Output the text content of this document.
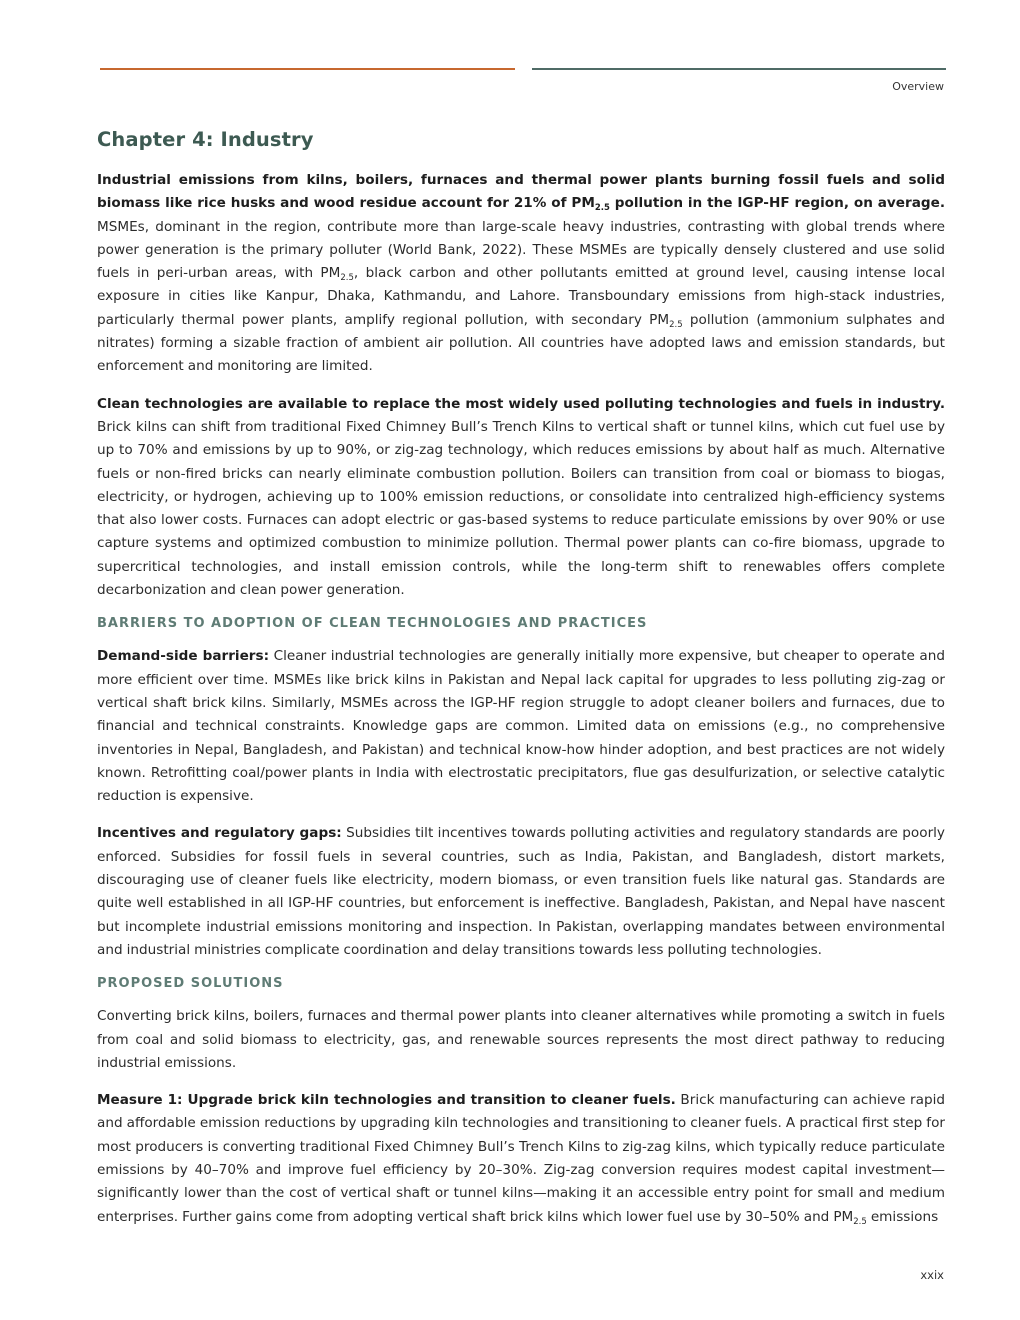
Overview
Chapter 4: Industry

Industrial emissions from kilns, boilers, furnaces and thermal power plants burning fossil fuels and solid biomass like rice husks and wood residue account for 21% of $PM_{2.5}$ pollution in the IGP-HF region, on average. MSMEs, dominant in the region, contribute more than large-scale heavy industries, contrasting with global trends where power generation is the primary polluter (World Bank, 2022). These MSMEs are typically densely clustered and use solid fuels in peri-urban areas, with $PM_{2.5}$, black carbon and other pollutants emitted at ground level, causing intense local exposure in cities like Kanpur, Dhaka, Kathmandu, and Lahore. Transboundary emissions from high-stack industries, particularly thermal power plants, amplify regional pollution, with secondary $PM_{2.5}$ pollution (ammonium sulphates and nitrates) forming a sizable fraction of ambient air pollution. All countries have adopted laws and emission standards, but enforcement and monitoring are limited.

Clean technologies are available to replace the most widely used polluting technologies and fuels in industry. Brick kilns can shift from traditional Fixed Chimney Bull’s Trench Kilns to vertical shaft or tunnel kilns, which cut fuel use by up to 70% and emissions by up to 90%, or zig-zag technology, which reduces emissions by about half as much. Alternative fuels or non-fired bricks can nearly eliminate combustion pollution. Boilers can transition from coal or biomass to biogas, electricity, or hydrogen, achieving up to 100% emission reductions, or consolidate into centralized high-efficiency systems that also lower costs. Furnaces can adopt electric or gas-based systems to reduce particulate emissions by over 90% or use capture systems and optimized combustion to minimize pollution. Thermal power plants can co-fire biomass, upgrade to supercritical technologies, and install emission controls, while the long-term shift to renewables offers complete decarbonization and clean power generation.

BARRIERS TO ADOPTION OF CLEAN TECHNOLOGIES AND PRACTICES

Demand-side barriers: Cleaner industrial technologies are generally initially more expensive, but cheaper to operate and more efficient over time. MSMEs like brick kilns in Pakistan and Nepal lack capital for upgrades to less polluting zig-zag or vertical shaft brick kilns. Similarly, MSMEs across the IGP-HF region struggle to adopt cleaner boilers and furnaces, due to financial and technical constraints. Knowledge gaps are common. Limited data on emissions (e.g., no comprehensive inventories in Nepal, Bangladesh, and Pakistan) and technical know-how hinder adoption, and best practices are not widely known. Retrofitting coal/power plants in India with electrostatic precipitators, flue gas desulfurization, or selective catalytic reduction is expensive.

Incentives and regulatory gaps: Subsidies tilt incentives towards polluting activities and regulatory standards are poorly enforced. Subsidies for fossil fuels in several countries, such as India, Pakistan, and Bangladesh, distort markets, discouraging use of cleaner fuels like electricity, modern biomass, or even transition fuels like natural gas. Standards are quite well established in all IGP-HF countries, but enforcement is ineffective. Bangladesh, Pakistan, and Nepal have nascent but incomplete industrial emissions monitoring and inspection. In Pakistan, overlapping mandates between environmental and industrial ministries complicate coordination and delay transitions towards less polluting technologies.

PROPOSED SOLUTIONS

Converting brick kilns, boilers, furnaces and thermal power plants into cleaner alternatives while promoting a switch in fuels from coal and solid biomass to electricity, gas, and renewable sources represents the most direct pathway to reducing industrial emissions.

Measure 1: Upgrade brick kiln technologies and transition to cleaner fuels. Brick manufacturing can achieve rapid and affordable emission reductions by upgrading kiln technologies and transitioning to cleaner fuels. A practical first step for most producers is converting traditional Fixed Chimney Bull’s Trench Kilns to zig-zag kilns, which typically reduce particulate emissions by 40–70% and improve fuel efficiency by 20–30%. Zig-zag conversion requires modest capital investment—significantly lower than the cost of vertical shaft or tunnel kilns—making it an accessible entry point for small and medium enterprises. Further gains come from adopting vertical shaft brick kilns which lower fuel use by 30–50% and $PM_{2.5}$ emissions

xxix
